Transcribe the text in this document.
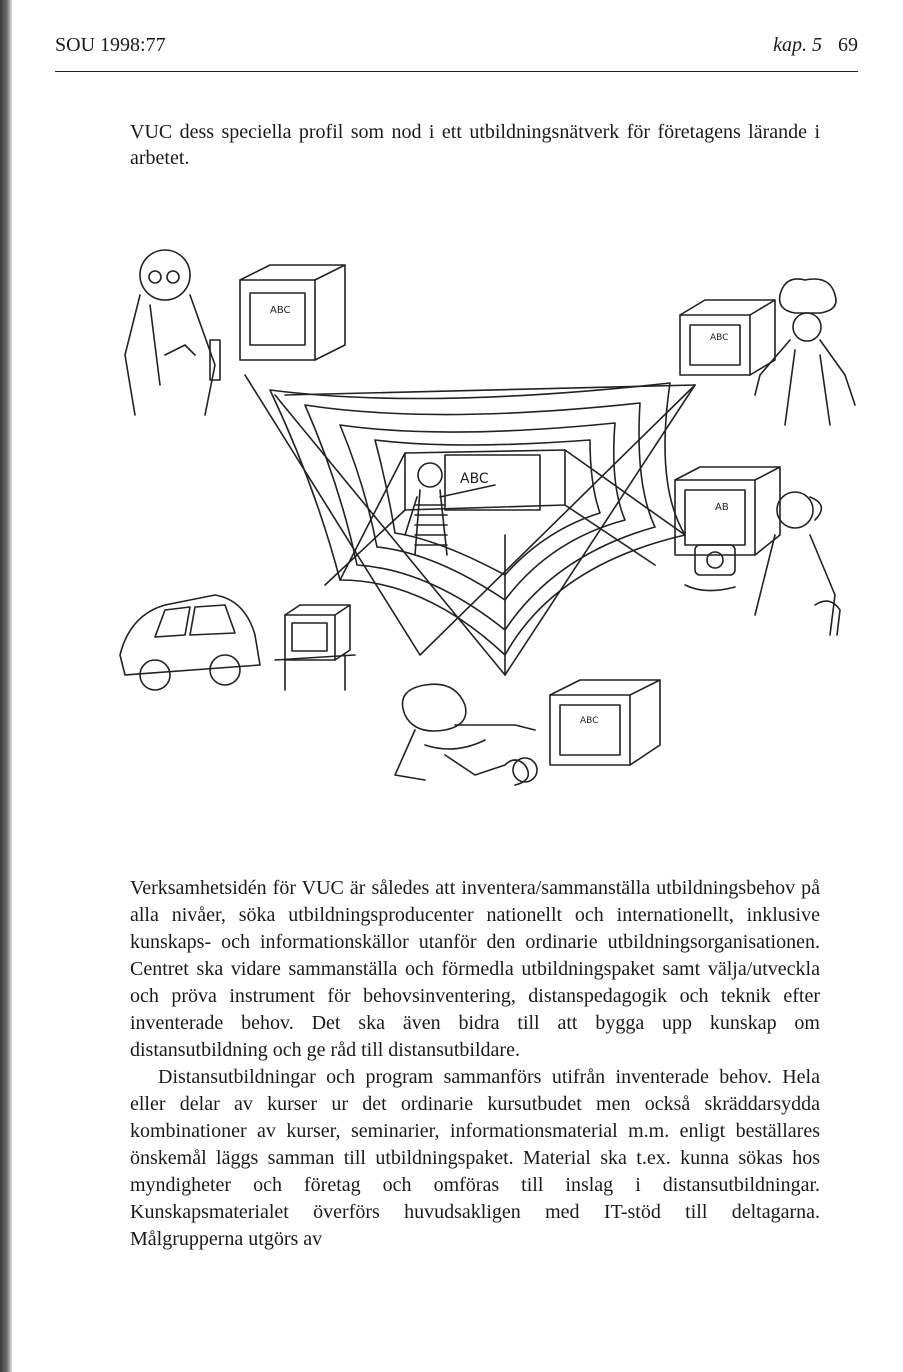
SOU 1998:77	kap. 5 69
VUC dess speciella profil som nod i ett utbildningsnätverk för företagens lärande i arbetet.
ABC
ABC
ABC
AB
ABC

Verksamhetsidén för VUC är således att inventera/sammanställa utbildningsbehov på alla nivåer, söka utbildningsproducenter nationellt och internationellt, inklusive kunskaps- och informationskällor utanför den ordinarie utbildningsorganisationen. Centret ska vidare sammanställa och förmedla utbildningspaket samt välja/utveckla och pröva instrument för behovsinventering, distanspedagogik och teknik efter inventerade behov. Det ska även bidra till att bygga upp kunskap om distansutbildning och ge råd till distansutbildare.

Distansutbildningar och program sammanförs utifrån inventerade behov. Hela eller delar av kurser ur det ordinarie kursutbudet men också skräddarsydda kombinationer av kurser, seminarier, informationsmaterial m.m. enligt beställares önskemål läggs samman till utbildningspaket. Material ska t.ex. kunna sökas hos myndigheter och företag och omföras till inslag i distansutbildningar. Kunskapsmaterialet överförs huvudsakligen med IT-stöd till deltagarna. Målgrupperna utgörs av
